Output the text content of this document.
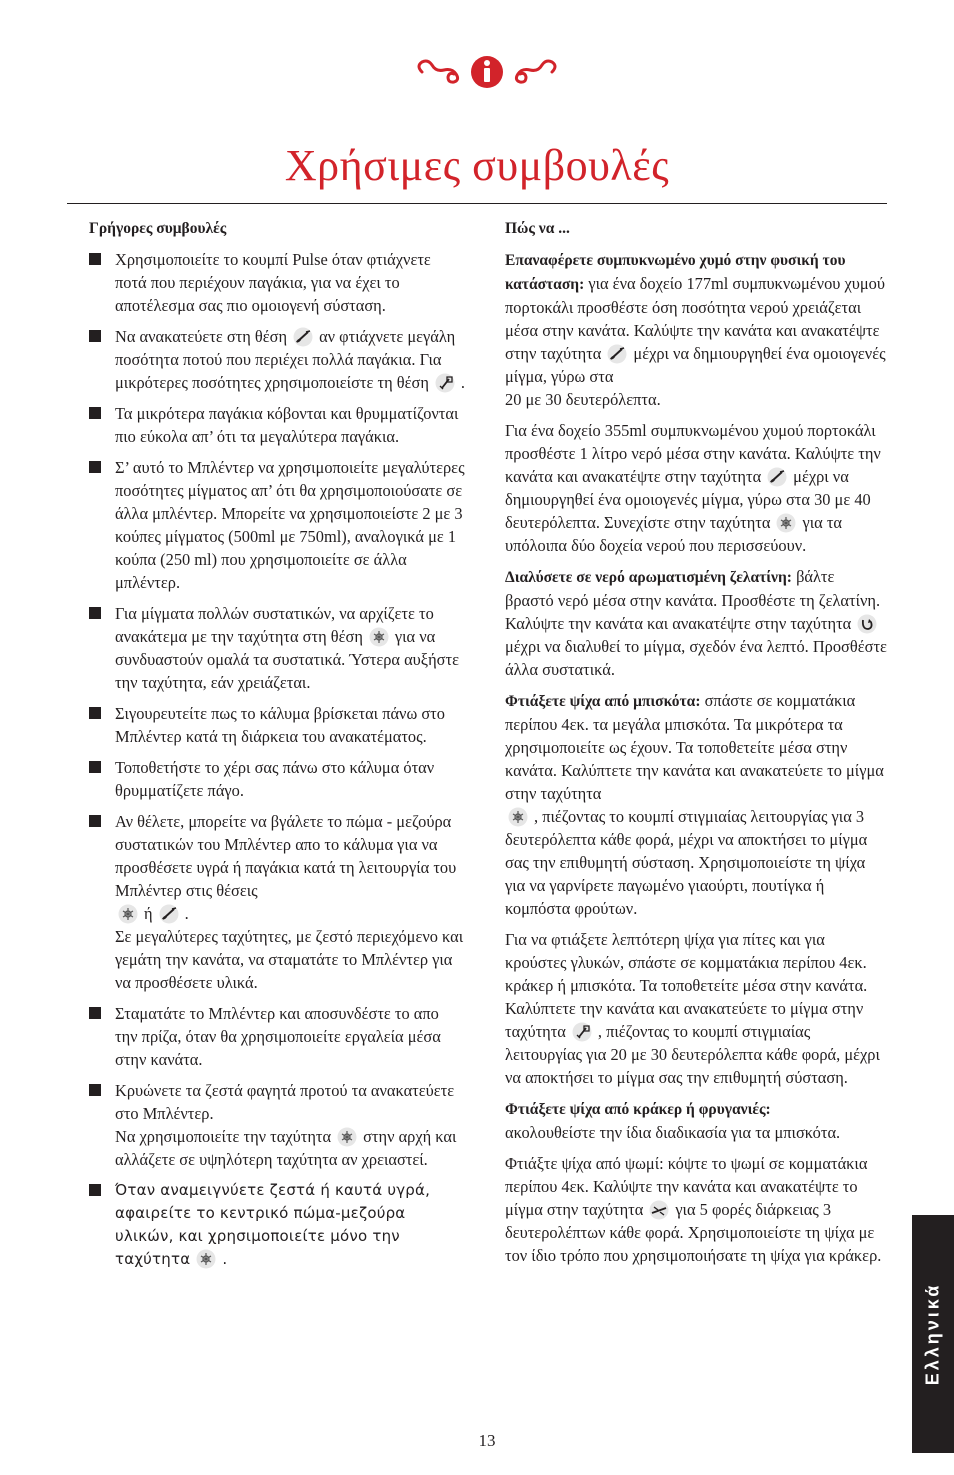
Χρήσιμες συμβουλές
Γρήγορες συμβουλές
Χρησιμοποιείτε το κουμπί Pulse όταν φτιάχνετε ποτά που περιέχουν παγάκια, για να έχει το αποτέλεσμα σας πιο ομοιογενή σύσταση.
Να ανακατεύετε στη θέση αν φτιάχνετε μεγάλη ποσότητα ποτού που περιέχει πολλά παγάκια. Για μικρότερες ποσότητες χρησιμοποιείστε τη θέση .
Τα μικρότερα παγάκια κόβονται και θρυμματίζονται πιο εύκολα απ’ ότι τα μεγαλύτερα παγάκια.
Σ’ αυτό το Μπλέντερ να χρησιμοποιείτε μεγαλύτερες ποσότητες μίγματος απ’ ότι θα χρησιμοποιούσατε σε άλλα μπλέντερ. Μπορείτε να χρησιμοποιείστε 2 με 3 κούπες μίγματος (500ml με 750ml), αναλογικά με 1 κούπα (250 ml) που χρησιμοποιείτε σε άλλα μπλέντερ.
Για μίγματα πολλών συστατικών, να αρχίζετε το ανακάτεμα με την ταχύτητα στη θέση για να συνδυαστούν ομαλά τα συστατικά. Ύστερα αυξήστε την ταχύτητα, εάν χρειάζεται.
Σιγουρευτείτε πως το κάλυμα βρίσκεται πάνω στο Μπλέντερ κατά τη διάρκεια του ανακατέματος.
Τοποθετήστε το χέρι σας πάνω στο κάλυμα όταν θρυμματίζετε πάγο.
Αν θέλετε, μπορείτε να βγάλετε το πώμα - μεζούρα συστατικών του Μπλέντερ απο το κάλυμα για να προσθέσετε υγρά ή παγάκια κατά τη λειτουργία του Μπλέντερ στις θέσεις
ή .
Σε μεγαλύτερες ταχύτητες, με ζεστό περιεχόμενο και γεμάτη την κανάτα, να σταματάτε το Μπλέντερ για να προσθέσετε υλικά.
Σταματάτε το Μπλέντερ και αποσυνδέστε το απο την πρίζα, όταν θα χρησιμοποιείτε εργαλεία μέσα στην κανάτα.
Κρυώνετε τα ζεστά φαγητά προτού τα ανακατεύετε στο Μπλέντερ.
Να χρησιμοποιείτε την ταχύτητα στην αρχή και αλλάζετε σε υψηλότερη ταχύτητα αν χρειαστεί.
Όταν αναμειγνύετε ζεστά ή καυτά υγρά, αφαιρείτε το κεντρικό πώμα-μεζούρα υλικών, και χρησιμοποιείτε μόνο την ταχύτητα .
Πώς να ...

Επαναφέρετε συμπυκνωμένο χυμό στην φυσική του κατάσταση: για ένα δοχείο 177ml συμπυκνωμένου χυμού πορτοκάλι προσθέστε όση ποσότητα νερού χρειάζεται μέσα στην κανάτα. Καλύψτε την κανάτα και ανακατέψτε στην ταχύτητα μέχρι να δημιουργηθεί ένα ομοιογενές μίγμα, γύρω στα
20 με 30 δευτερόλεπτα.

Για ένα δοχείο 355ml συμπυκνωμένου χυμού πορτοκάλι προσθέστε 1 λίτρο νερό μέσα στην κανάτα. Καλύψτε την κανάτα και ανακατέψτε στην ταχύτητα μέχρι να δημιουργηθεί ένα ομοιογενές μίγμα, γύρω στα 30 με 40 δευτερόλεπτα. Συνεχίστε στην ταχύτητα για τα υπόλοιπα δύο δοχεία νερού που περισσεύουν.

Διαλύσετε σε νερό αρωματισμένη ζελατίνη: βάλτε βραστό νερό μέσα στην κανάτα. Προσθέστε τη ζελατίνη. Καλύψτε την κανάτα και ανακατέψτε στην ταχύτηταμέχρι να διαλυθεί το μίγμα, σχεδόν ένα λεπτό. Προσθέστε άλλα συστατικά.

Φτιάξετε ψίχα από μπισκότα: σπάστε σε κομματάκια περίπου 4εκ. τα μεγάλα μπισκότα. Τα μικρότερα τα χρησιμοποιείτε ως έχουν. Τα τοποθετείτε μέσα στην κανάτα. Καλύπτετε την κανάτα και ανακατεύετε το μίγμα στην ταχύτητα
, πιέζοντας το κουμπί στιγμιαίας λειτουργίας για 3 δευτερόλεπτα κάθε φορά, μέχρι να αποκτήσει το μίγμα σας την επιθυμητή σύσταση. Χρησιμοποιείστε τη ψίχα για να γαρνίρετε παγωμένο γιαούρτι, πουτίγκα ή κομπόστα φρούτων.

Για να φτιάξετε λεπτότερη ψίχα για πίτες και για κρούστες γλυκών, σπάστε σε κομματάκια περίπου 4εκ. κράκερ ή μπισκότα. Τα τοποθετείτε μέσα στην κανάτα. Καλύπτετε την κανάτα και ανακατεύετε το μίγμα στην ταχύτητα , πιέζοντας το κουμπί στιγμιαίας λειτουργίας για 20 με 30 δευτερόλεπτα κάθε φορά, μέχρι να αποκτήσει το μίγμα σας την επιθυμητή σύσταση.

Φτιάξετε ψίχα από κράκερ ή φρυγανιές:
ακολουθείστε την ίδια διαδικασία για τα μπισκότα.

Φτιάξτε ψίχα από ψωμί: κόψτε το ψωμί σε κομματάκια περίπου 4εκ. Καλύψτε την κανάτα και ανακατέψτε το μίγμα στην ταχύτητα για 5 φορές διάρκειας 3 δευτερολέπτων κάθε φορά. Χρησιμοποιείστε τη ψίχα με τον ίδιο τρόπο που χρησιμοποιήσατε τη ψίχα για κράκερ.

13
Ελληνικά
